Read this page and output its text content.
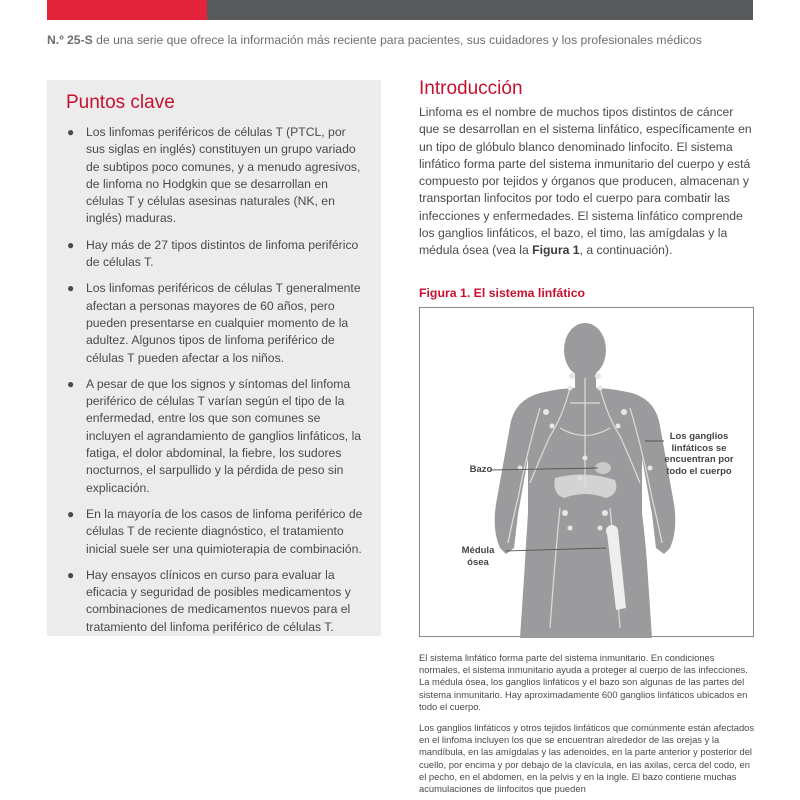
N.º 25-S de una serie que ofrece la información más reciente para pacientes, sus cuidadores y los profesionales médicos
Puntos clave
● Los linfomas periféricos de células T (PTCL, por sus siglas en inglés) constituyen un grupo variado de subtipos poco comunes, y a menudo agresivos, de linfoma no Hodgkin que se desarrollan en células T y células asesinas naturales (NK, en inglés) maduras.
● Hay más de 27 tipos distintos de linfoma periférico de células T.
● Los linfomas periféricos de células T generalmente afectan a personas mayores de 60 años, pero pueden presentarse en cualquier momento de la adultez. Algunos tipos de linfoma periférico de células T pueden afectar a los niños.
● A pesar de que los signos y síntomas del linfoma periférico de células T varían según el tipo de la enfermedad, entre los que son comunes se incluyen el agrandamiento de ganglios linfáticos, la fatiga, el dolor abdominal, la fiebre, los sudores nocturnos, el sarpullido y la pérdida de peso sin explicación.
● En la mayoría de los casos de linfoma periférico de células T de reciente diagnóstico, el tratamiento inicial suele ser una quimioterapia de combinación.
● Hay ensayos clínicos en curso para evaluar la eficacia y seguridad de posibles medicamentos y combinaciones de medicamentos nuevos para el tratamiento del linfoma periférico de células T.
Introducción
Linfoma es el nombre de muchos tipos distintos de cáncer que se desarrollan en el sistema linfático, específicamente en un tipo de glóbulo blanco denominado linfocito. El sistema linfático forma parte del sistema inmunitario del cuerpo y está compuesto por tejidos y órganos que producen, almacenan y transportan linfocitos por todo el cuerpo para combatir las infecciones y enfermedades. El sistema linfático comprende los ganglios linfáticos, el bazo, el timo, las amígdalas y la médula ósea (vea la Figura 1, a continuación).
Figura 1. El sistema linfático
Los ganglios linfáticos se encuentran por todo el cuerpo
Bazo
Médula ósea

El sistema linfático forma parte del sistema inmunitario. En condiciones normales, el sistema inmunitario ayuda a proteger al cuerpo de las infecciones. La médula ósea, los ganglios linfáticos y el bazo son algunas de las partes del sistema inmunitario. Hay aproximadamente 600 ganglios linfáticos ubicados en todo el cuerpo.

Los ganglios linfáticos y otros tejidos linfáticos que comúnmente están afectados en el linfoma incluyen los que se encuentran alrededor de las orejas y la mandíbula, en las amígdalas y las adenoides, en la parte anterior y posterior del cuello, por encima y por debajo de la clavícula, en las axilas, cerca del codo, en el pecho, en el abdomen, en la pelvis y en la ingle. El bazo contiene muchas acumulaciones de linfocitos que pueden
